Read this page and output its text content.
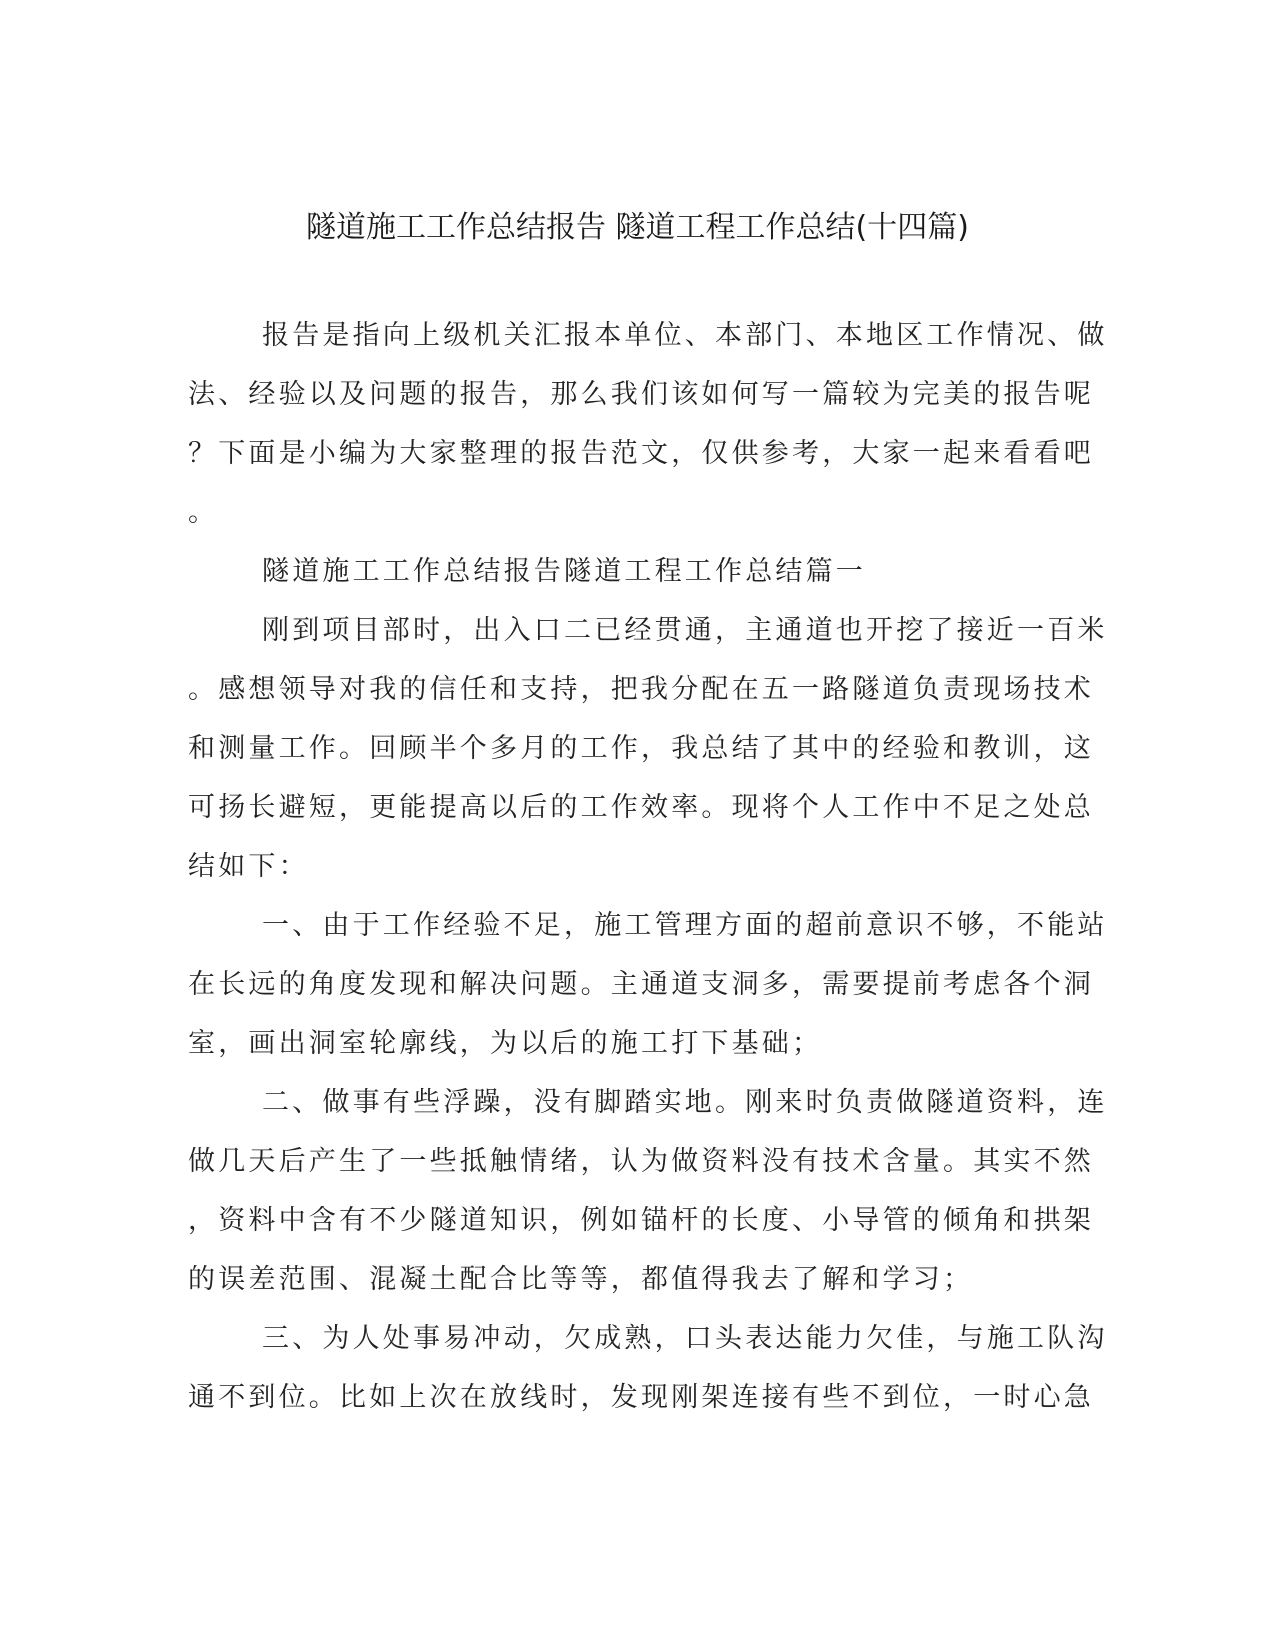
隧道施工工作总结报告 隧道工程工作总结(十四篇)
报告是指向上级机关汇报本单位、本部门、本地区工作情况、做
法、经验以及问题的报告，那么我们该如何写一篇较为完美的报告呢
？下面是小编为大家整理的报告范文，仅供参考，大家一起来看看吧
。
隧道施工工作总结报告隧道工程工作总结篇一
刚到项目部时，出入口二已经贯通，主通道也开挖了接近一百米
。感想领导对我的信任和支持，把我分配在五一路隧道负责现场技术
和测量工作。回顾半个多月的工作，我总结了其中的经验和教训，这
可扬长避短，更能提高以后的工作效率。现将个人工作中不足之处总
结如下：
一、由于工作经验不足，施工管理方面的超前意识不够，不能站
在长远的角度发现和解决问题。主通道支洞多，需要提前考虑各个洞
室，画出洞室轮廓线，为以后的施工打下基础；
二、做事有些浮躁，没有脚踏实地。刚来时负责做隧道资料，连
做几天后产生了一些抵触情绪，认为做资料没有技术含量。其实不然
，资料中含有不少隧道知识，例如锚杆的长度、小导管的倾角和拱架
的误差范围、混凝土配合比等等，都值得我去了解和学习；
三、为人处事易冲动，欠成熟，口头表达能力欠佳，与施工队沟
通不到位。比如上次在放线时，发现刚架连接有些不到位，一时心急
